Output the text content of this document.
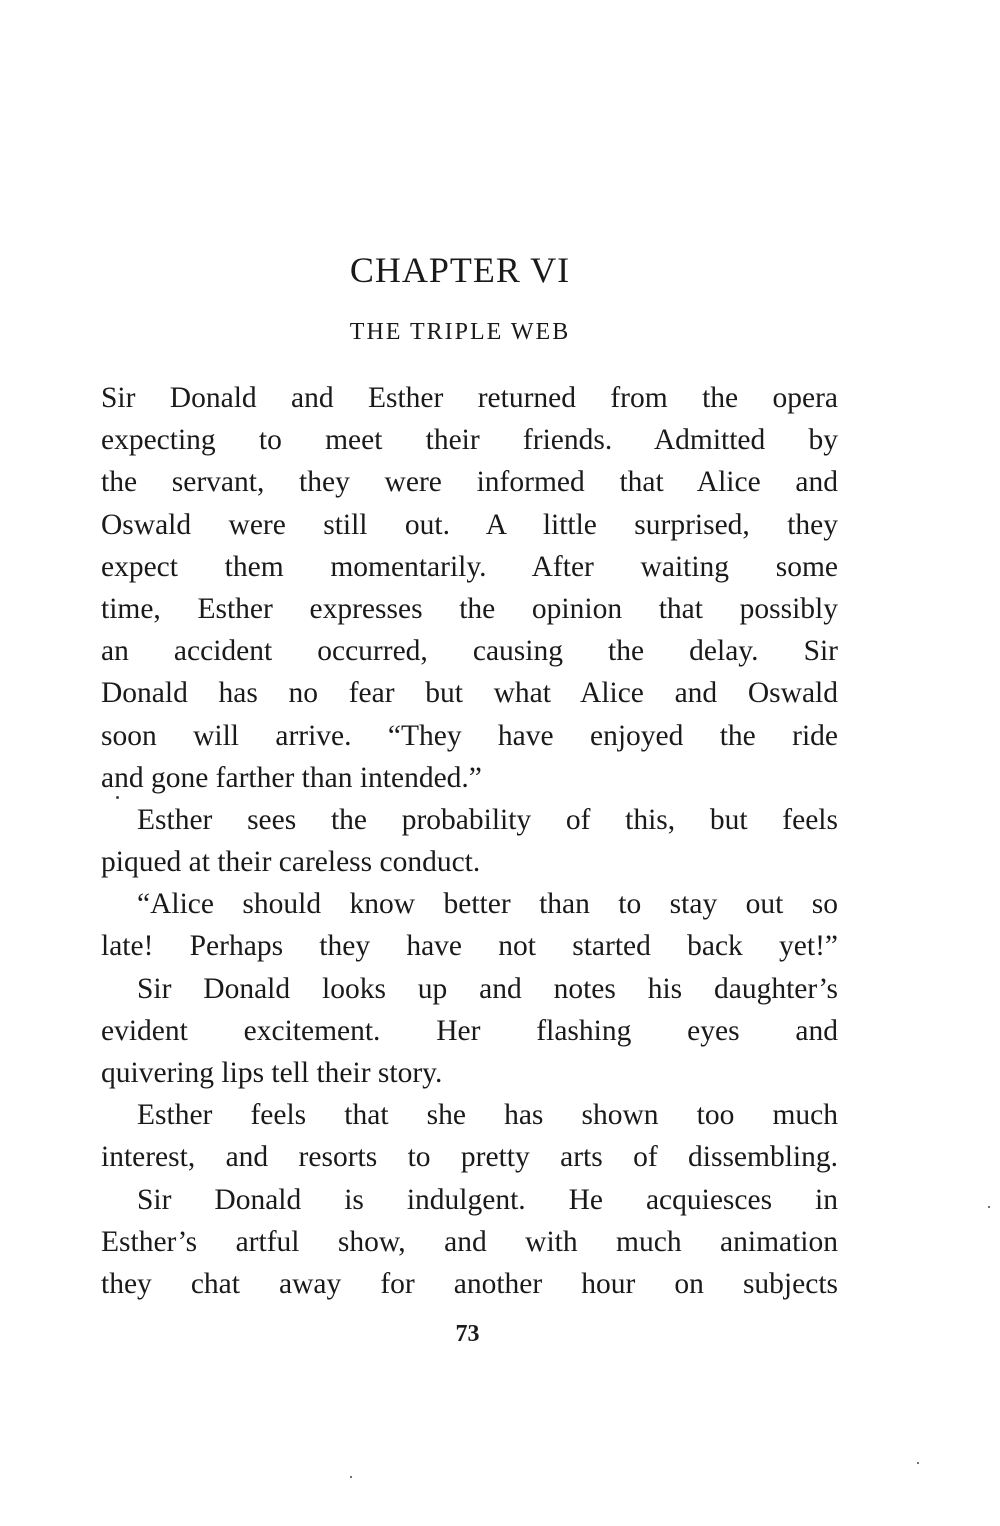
CHAPTER VI
THE TRIPLE WEB
Sir Donald and Esther returned from the opera
expecting to meet their friends. Admitted by
the servant, they were informed that Alice and
Oswald were still out. A little surprised, they
expect them momentarily. After waiting some
time, Esther expresses the opinion that possibly
an accident occurred, causing the delay. Sir
Donald has no fear but what Alice and Oswald
soon will arrive. “They have enjoyed the ride
and gone farther than intended.”
Esther sees the probability of this, but feels
piqued at their careless conduct.
“Alice should know better than to stay out so
late! Perhaps they have not started back yet!”
Sir Donald looks up and notes his daughter’s
evident excitement. Her flashing eyes and
quivering lips tell their story.
Esther feels that she has shown too much
interest, and resorts to pretty arts of dissembling.
Sir Donald is indulgent. He acquiesces in
Esther’s artful show, and with much animation
they chat away for another hour on subjects
73
